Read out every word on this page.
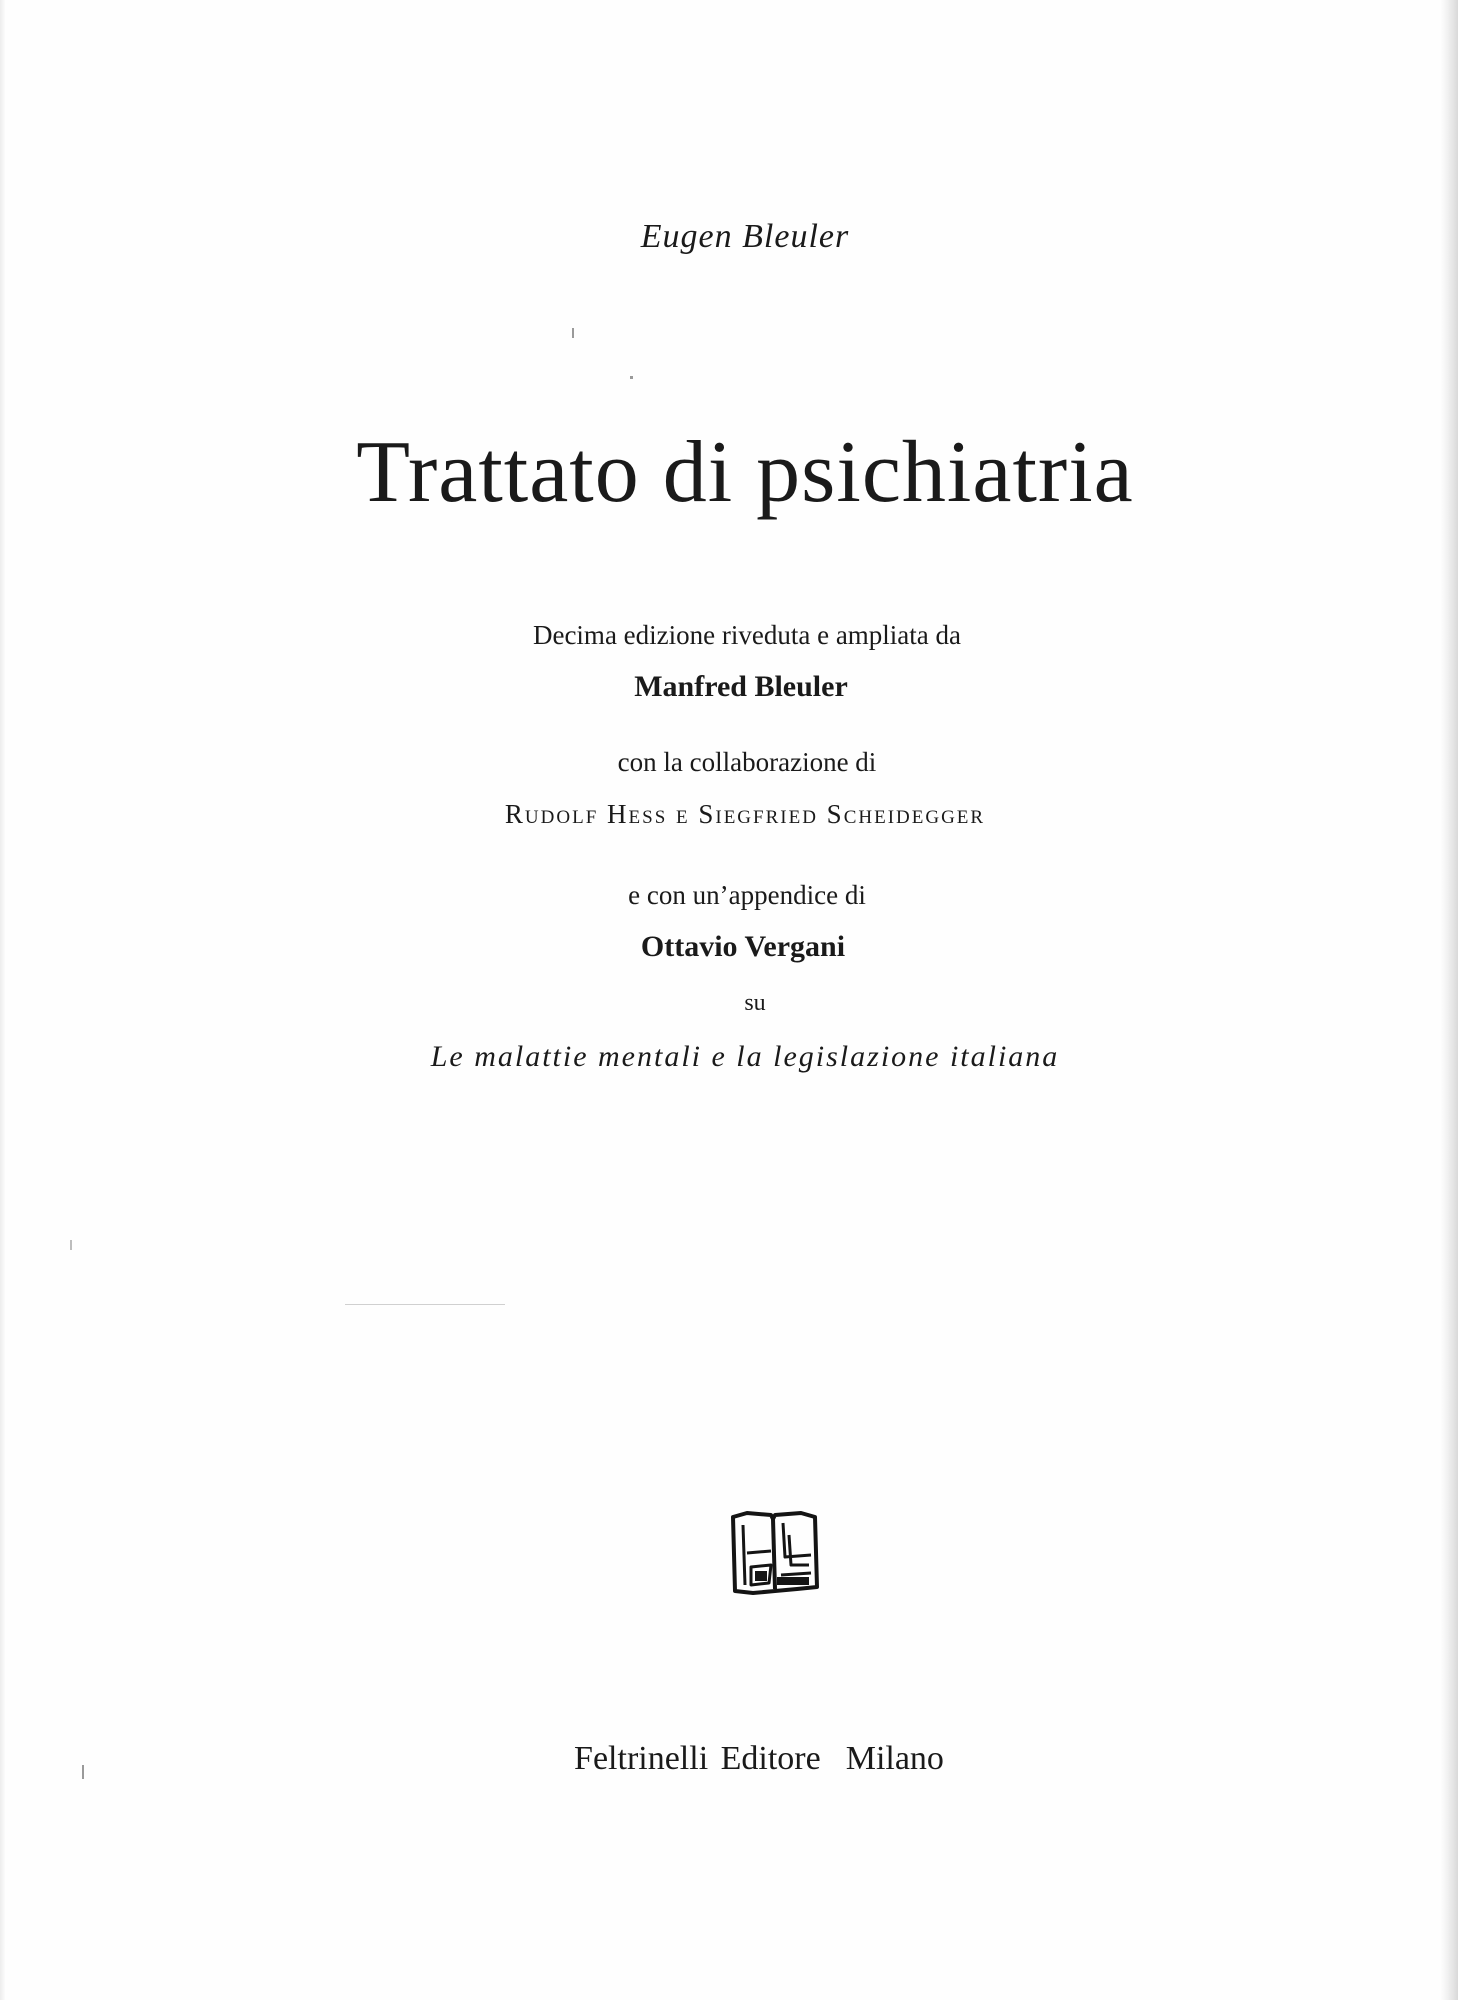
Eugen Bleuler
Trattato di psichiatria
Decima edizione riveduta e ampliata da
Manfred Bleuler
con la collaborazione di
Rudolf Hess e Siegfried Scheidegger
e con un’appendice di
Ottavio Vergani
su
Le malattie mentali e la legislazione italiana
Feltrinelli Editore  Milano
